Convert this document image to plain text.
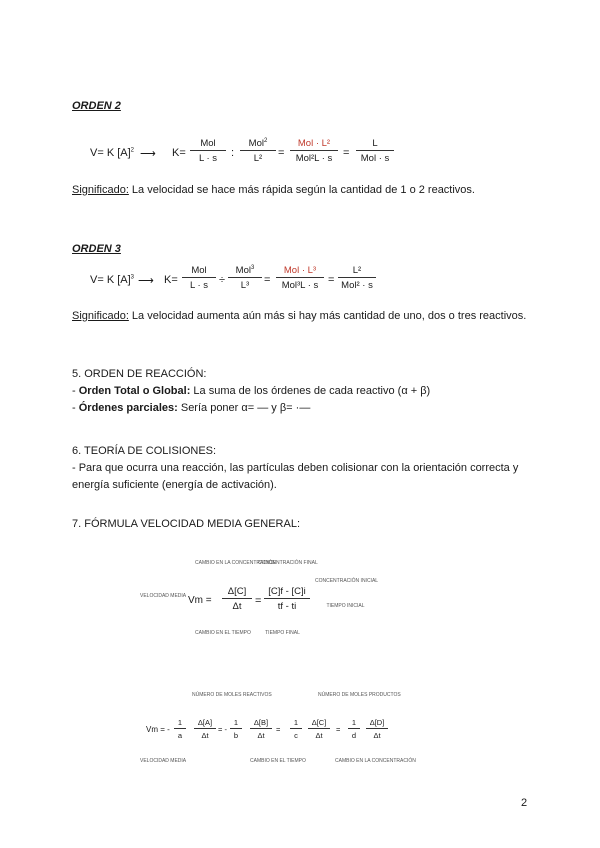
ORDEN 2
V= K $[A]^2$ ⟶ K=
Mol
L · s	:
Mol$^2$
L²	=
Mol · L²
Mol²L · s =
L
Mol · s
Significado: La velocidad se hace más rápida según la cantidad de 1 o 2 reactivos.
ORDEN 3
V= K $[A]^3$ ⟶ K=
Mol
L · s ÷
Mol$^3$
L³	=
Mol · L³
Mol³L · s =
L²
Mol² · s
Significado: La velocidad aumenta aún más si hay más cantidad de uno, dos o tres reactivos.
5. ORDEN DE REACCIÓN:
- Orden Total o Global: La suma de los órdenes de cada reactivo (α + β)
- Órdenes parciales: Sería poner α= — y β= ·—
6. TEORÍA DE COLISIONES:
- Para que ocurra una reacción, las partículas deben colisionar con la orientación correcta y energía suficiente (energía de activación).
7. FÓRMULA VELOCIDAD MEDIA GENERAL:
CAMBIO EN LA CONCENTRACIÓN
CONCENTRACIÓN FINAL
CONCENTRACIÓN INICIAL
VELOCIDAD MEDIA
TIEMPO INICIAL
$Vm = \frac{\Delta[C]}{\Delta t} = \frac{[C]f - [C]i}{tf - ti}$
CAMBIO EN EL TIEMPO	TIEMPO FINAL
NÚMERO DE MOLES REACTIVOS	NÚMERO DE MOLES PRODUCTOS
Vm = - $\frac{1}{a} \frac{\Delta[A]}{\Delta t}$ = - $\frac{1}{b} \frac{\Delta[B]}{\Delta t} = \frac{1}{c} \frac{\Delta[C]}{\Delta t} = \frac{1}{d} \frac{\Delta[D]}{\Delta t}$
VELOCIDAD MEDIA	CAMBIO EN EL TIEMPO	CAMBIO EN LA CONCENTRACIÓN
2
